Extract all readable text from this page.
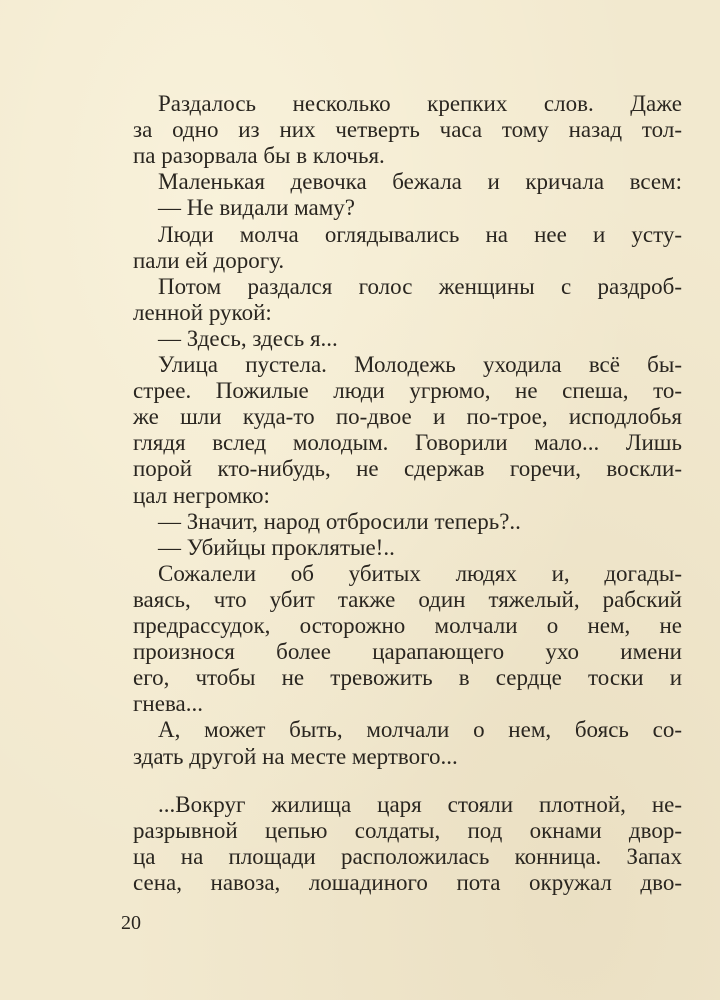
Раздалось несколько крепких слов. Даже
за одно из них четверть часа тому назад тол-
па разорвала бы в клочья.
Маленькая девочка бежала и кричала всем:
— Не видали маму?
Люди молча оглядывались на нее и усту-
пали ей дорогу.
Потом раздался голос женщины с раздроб-
ленной рукой:
— Здесь, здесь я...
Улица пустела. Молодежь уходила всё бы-
стрее. Пожилые люди угрюмо, не спеша, то-
же шли куда-то по-двое и по-трое, исподлобья
глядя вслед молодым. Говорили мало... Лишь
порой кто-нибудь, не сдержав горечи, воскли-
цал негромко:
— Значит, народ отбросили теперь?..
— Убийцы проклятые!..
Сожалели об убитых людях и, догады-
ваясь, что убит также один тяжелый, рабский
предрассудок, осторожно молчали о нем, не
произнося более царапающего ухо имени
его, чтобы не тревожить в сердце тоски и
гнева...
А, может быть, молчали о нем, боясь со-
здать другой на месте мертвого...
...Вокруг жилища царя стояли плотной, не-
разрывной цепью солдаты, под окнами двор-
ца на площади расположилась конница. Запах
сена, навоза, лошадиного пота окружал дво-
20
